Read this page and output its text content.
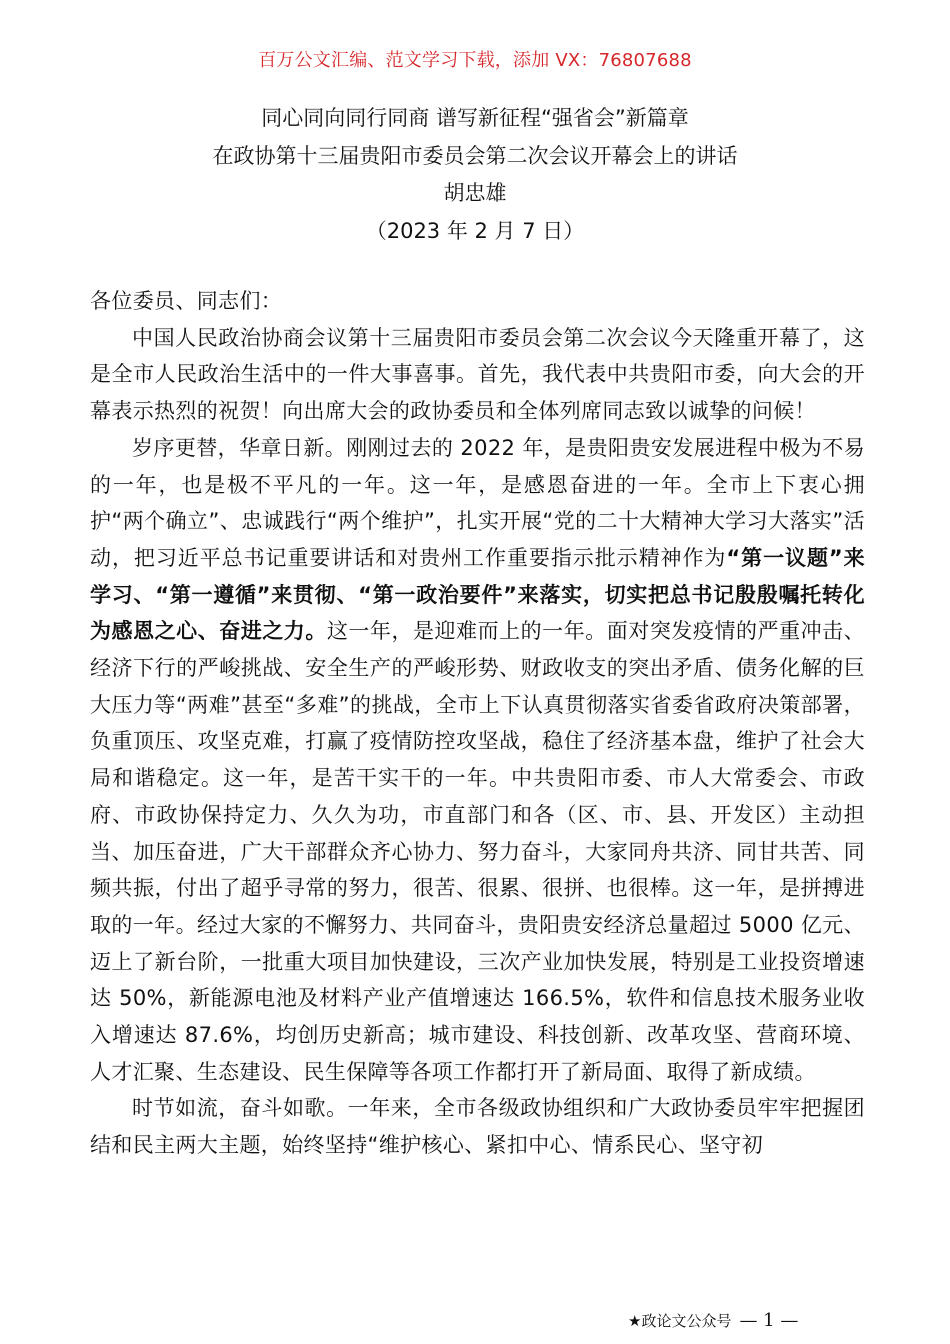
百万公文汇编、范文学习下载，添加 VX：76807688
同心同向同行同商 谱写新征程“强省会”新篇章
在政协第十三届贵阳市委员会第二次会议开幕会上的讲话
胡忠雄
（2023 年 2 月 7 日）

各位委员、同志们：

中国人民政治协商会议第十三届贵阳市委员会第二次会议今天隆重开幕了，这是全市人民政治生活中的一件大事喜事。首先，我代表中共贵阳市委，向大会的开幕表示热烈的祝贺！向出席大会的政协委员和全体列席同志致以诚挚的问候！

岁序更替，华章日新。刚刚过去的 2022 年，是贵阳贵安发展进程中极为不易的一年，也是极不平凡的一年。这一年，是感恩奋进的一年。全市上下衷心拥护“两个确立”、忠诚践行“两个维护”，扎实开展“党的二十大精神大学习大落实”活动，把习近平总书记重要讲话和对贵州工作重要指示批示精神作为“第一议题”来学习、“第一遵循”来贯彻、“第一政治要件”来落实，切实把总书记殷殷嘱托转化为感恩之心、奋进之力。这一年，是迎难而上的一年。面对突发疫情的严重冲击、经济下行的严峻挑战、安全生产的严峻形势、财政收支的突出矛盾、债务化解的巨大压力等“两难”甚至“多难”的挑战，全市上下认真贯彻落实省委省政府决策部署，负重顶压、攻坚克难，打赢了疫情防控攻坚战，稳住了经济基本盘，维护了社会大局和谐稳定。这一年，是苦干实干的一年。中共贵阳市委、市人大常委会、市政府、市政协保持定力、久久为功，市直部门和各（区、市、县、开发区）主动担当、加压奋进，广大干部群众齐心协力、努力奋斗，大家同舟共济、同甘共苦、同频共振，付出了超乎寻常的努力，很苦、很累、很拼、也很棒。这一年，是拼搏进取的一年。经过大家的不懈努力、共同奋斗，贵阳贵安经济总量超过 5000 亿元、迈上了新台阶，一批重大项目加快建设，三次产业加快发展，特别是工业投资增速达 50%，新能源电池及材料产业产值增速达 166.5%，软件和信息技术服务业收入增速达 87.6%，均创历史新高；城市建设、科技创新、改革攻坚、营商环境、人才汇聚、生态建设、民生保障等各项工作都打开了新局面、取得了新成绩。

时节如流，奋斗如歌。一年来，全市各级政协组织和广大政协委员牢牢把握团结和民主两大主题，始终坚持“维护核心、紧扣中心、情系民心、坚守初

★政论文公众号 — 1 —
